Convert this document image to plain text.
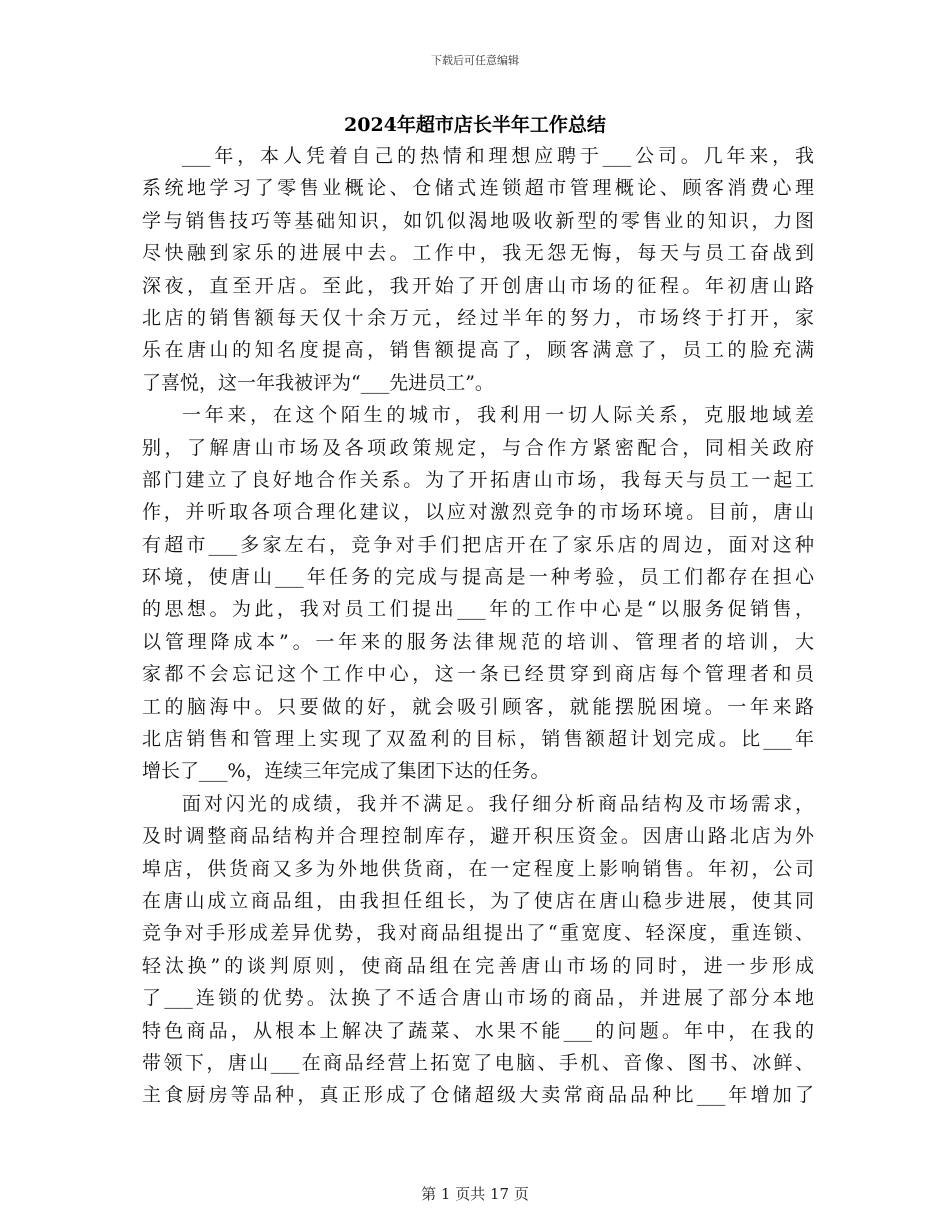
下载后可任意编辑
2024年超市店长半年工作总结
___年，本人凭着自己的热情和理想应聘于___公司。几年来，我
系统地学习了零售业概论、仓储式连锁超市管理概论、顾客消费心理
学与销售技巧等基础知识，如饥似渴地吸收新型的零售业的知识，力图
尽快融到家乐的进展中去。工作中，我无怨无悔，每天与员工奋战到
深夜，直至开店。至此，我开始了开创唐山市场的征程。年初唐山路
北店的销售额每天仅十余万元，经过半年的努力，市场终于打开，家
乐在唐山的知名度提高，销售额提高了，顾客满意了，员工的脸充满
了喜悦，这一年我被评为“___先进员工”。
一年来，在这个陌生的城市，我利用一切人际关系，克服地域差
别，了解唐山市场及各项政策规定，与合作方紧密配合，同相关政府
部门建立了良好地合作关系。为了开拓唐山市场，我每天与员工一起工
作，并听取各项合理化建议，以应对激烈竞争的市场环境。目前，唐山
有超市___多家左右，竞争对手们把店开在了家乐店的周边，面对这种
环境，使唐山___年任务的完成与提高是一种考验，员工们都存在担心
的思想。为此，我对员工们提出___年的工作中心是“以服务促销售，
以管理降成本”。一年来的服务法律规范的培训、管理者的培训，大
家都不会忘记这个工作中心，这一条已经贯穿到商店每个管理者和员
工的脑海中。只要做的好，就会吸引顾客，就能摆脱困境。一年来路
北店销售和管理上实现了双盈利的目标，销售额超计划完成。比___年
增长了___%，连续三年完成了集团下达的任务。
面对闪光的成绩，我并不满足。我仔细分析商品结构及市场需求，
及时调整商品结构并合理控制库存，避开积压资金。因唐山路北店为外
埠店，供货商又多为外地供货商，在一定程度上影响销售。年初，公司
在唐山成立商品组，由我担任组长，为了使店在唐山稳步进展，使其同
竞争对手形成差异优势，我对商品组提出了“重宽度、轻深度，重连锁、
轻汰换”的谈判原则，使商品组在完善唐山市场的同时，进一步形成
了___连锁的优势。汰换了不适合唐山市场的商品，并进展了部分本地
特色商品，从根本上解决了蔬菜、水果不能___的问题。年中，在我的
带领下，唐山___在商品经营上拓宽了电脑、手机、音像、图书、冰鲜、
主食厨房等品种，真正形成了仓储超级大卖常商品品种比___年增加了
第 1 页共 17 页
